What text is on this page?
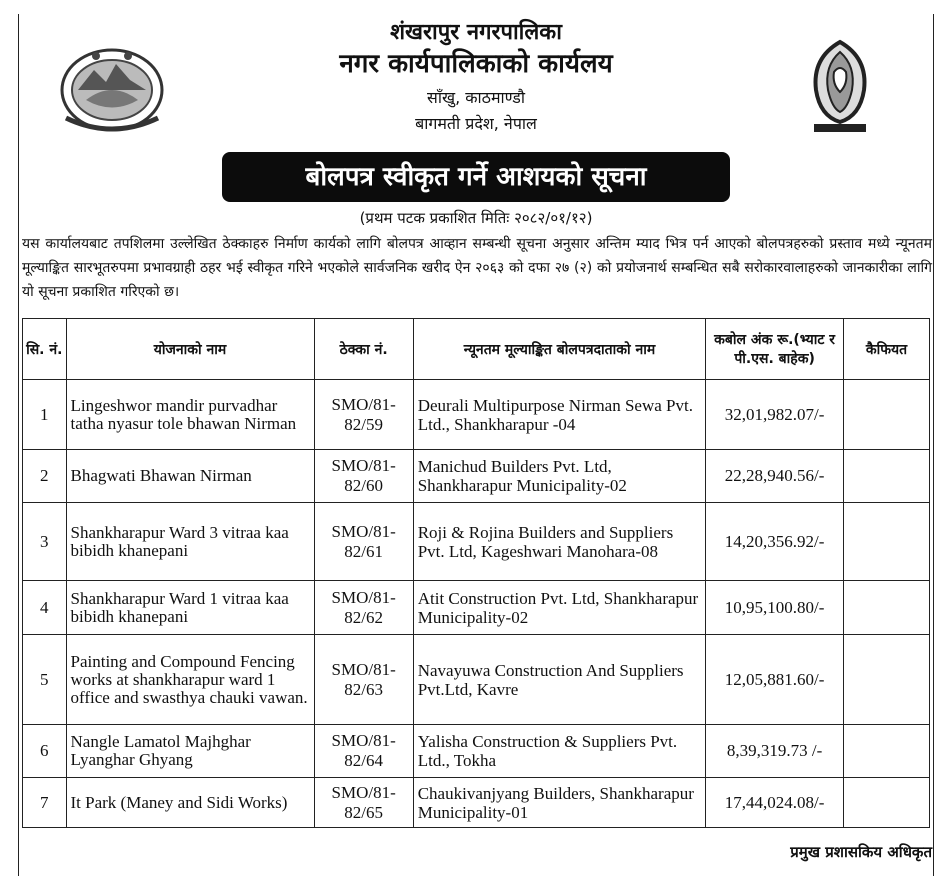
शंखरापुर नगरपालिका
नगर कार्यपालिकाको कार्यलय
साँखु, काठमाण्डौ
बागमती प्रदेश, नेपाल
बोलपत्र स्वीकृत गर्ने आशयको सूचना
(प्रथम पटक प्रकाशित मितिः २०८२/०१/१२)
यस कार्यालयबाट तपशिलमा उल्लेखित ठेक्काहरु निर्माण कार्यको लागि बोलपत्र आव्हान सम्बन्धी सूचना अनुसार अन्तिम म्याद भित्र पर्न आएको बोलपत्रहरुको प्रस्ताव मध्ये न्यूनतम मूल्याङ्कित सारभूतरुपमा प्रभावग्राही ठहर भई स्वीकृत गरिने भएकोले सार्वजनिक खरीद ऐन २०६३ को दफा २७ (२) को प्रयोजनार्थ सम्बन्धित सबै सरोकारवालाहरुको जानकारीका लागि यो सूचना प्रकाशित गरिएको छ।
सि. नं.	योजनाको नाम	ठेक्का नं.	न्यूनतम मूल्याङ्कित बोलपत्रदाताको नाम	कबोल अंक रू.(भ्याट र पी.एस. बाहेक)	कैफियत
1	Lingeshwor mandir purvadhar tatha nyasur tole bhawan Nirman	SMO/81-82/59	Deurali Multipurpose Nirman Sewa Pvt. Ltd., Shankharapur -04	32,01,982.07/-	
2	Bhagwati Bhawan Nirman	SMO/81-82/60	Manichud Builders Pvt. Ltd, Shankharapur Municipality-02	22,28,940.56/-	
3	Shankharapur Ward 3 vitraa kaa bibidh khanepani	SMO/81-82/61	Roji & Rojina Builders and Suppliers Pvt. Ltd, Kageshwari Manohara-08	14,20,356.92/-	
4	Shankharapur Ward 1 vitraa kaa bibidh khanepani	SMO/81-82/62	Atit Construction Pvt. Ltd, Shankharapur Municipality-02	10,95,100.80/-	
5	Painting and Compound Fencing works at shankharapur ward 1 office and swasthya chauki vawan.	SMO/81-82/63	Navayuwa Construction And Suppliers Pvt.Ltd, Kavre	12,05,881.60/-	
6	Nangle Lamatol Majhghar Lyanghar Ghyang	SMO/81-82/64	Yalisha Construction & Suppliers Pvt. Ltd., Tokha	8,39,319.73 /-	
7	It Park (Maney and Sidi Works)	SMO/81-82/65	Chaukivanjyang Builders, Shankharapur Municipality-01	17,44,024.08/-	
प्रमुख प्रशासकिय अधिकृत
